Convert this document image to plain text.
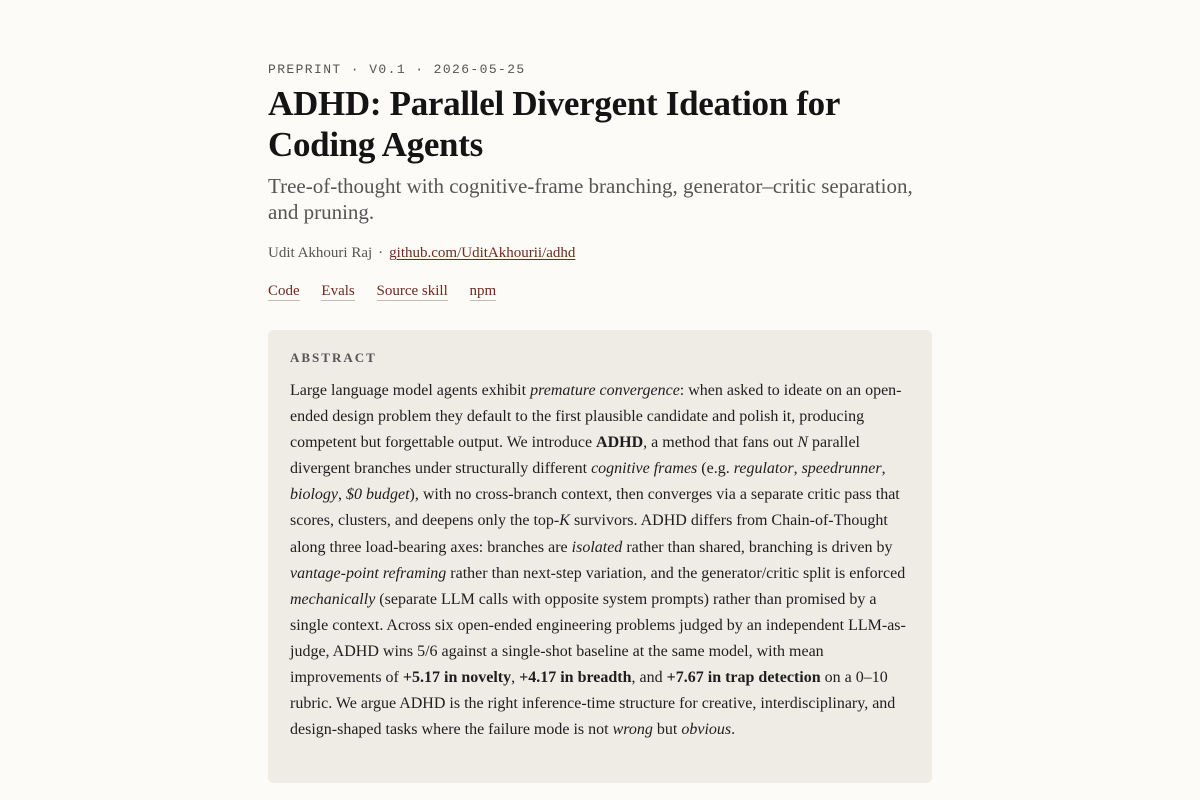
PREPRINT · V0.1 · 2026-05-25
ADHD: Parallel Divergent Ideation for Coding Agents
Tree-of-thought with cognitive-frame branching, generator–critic separation, and pruning.
Udit Akhouri Raj · github.com/UditAkhourii/adhd
Code Evals Source skill npm
ABSTRACT

Large language model agents exhibit premature convergence: when asked to ideate on an open-ended design problem they default to the first plausible candidate and polish it, producing competent but forgettable output. We introduce ADHD, a method that fans out N parallel divergent branches under structurally different cognitive frames (e.g. regulator, speedrunner, biology, $0 budget), with no cross-branch context, then converges via a separate critic pass that scores, clusters, and deepens only the top-K survivors. ADHD differs from Chain-of-Thought along three load-bearing axes: branches are isolated rather than shared, branching is driven by vantage-point reframing rather than next-step variation, and the generator/critic split is enforced mechanically (separate LLM calls with opposite system prompts) rather than promised by a single context. Across six open-ended engineering problems judged by an independent LLM-as-judge, ADHD wins 5/6 against a single-shot baseline at the same model, with mean improvements of +5.17 in novelty, +4.17 in breadth, and +7.67 in trap detection on a 0–10 rubric. We argue ADHD is the right inference-time structure for creative, interdisciplinary, and design-shaped tasks where the failure mode is not wrong but obvious.
